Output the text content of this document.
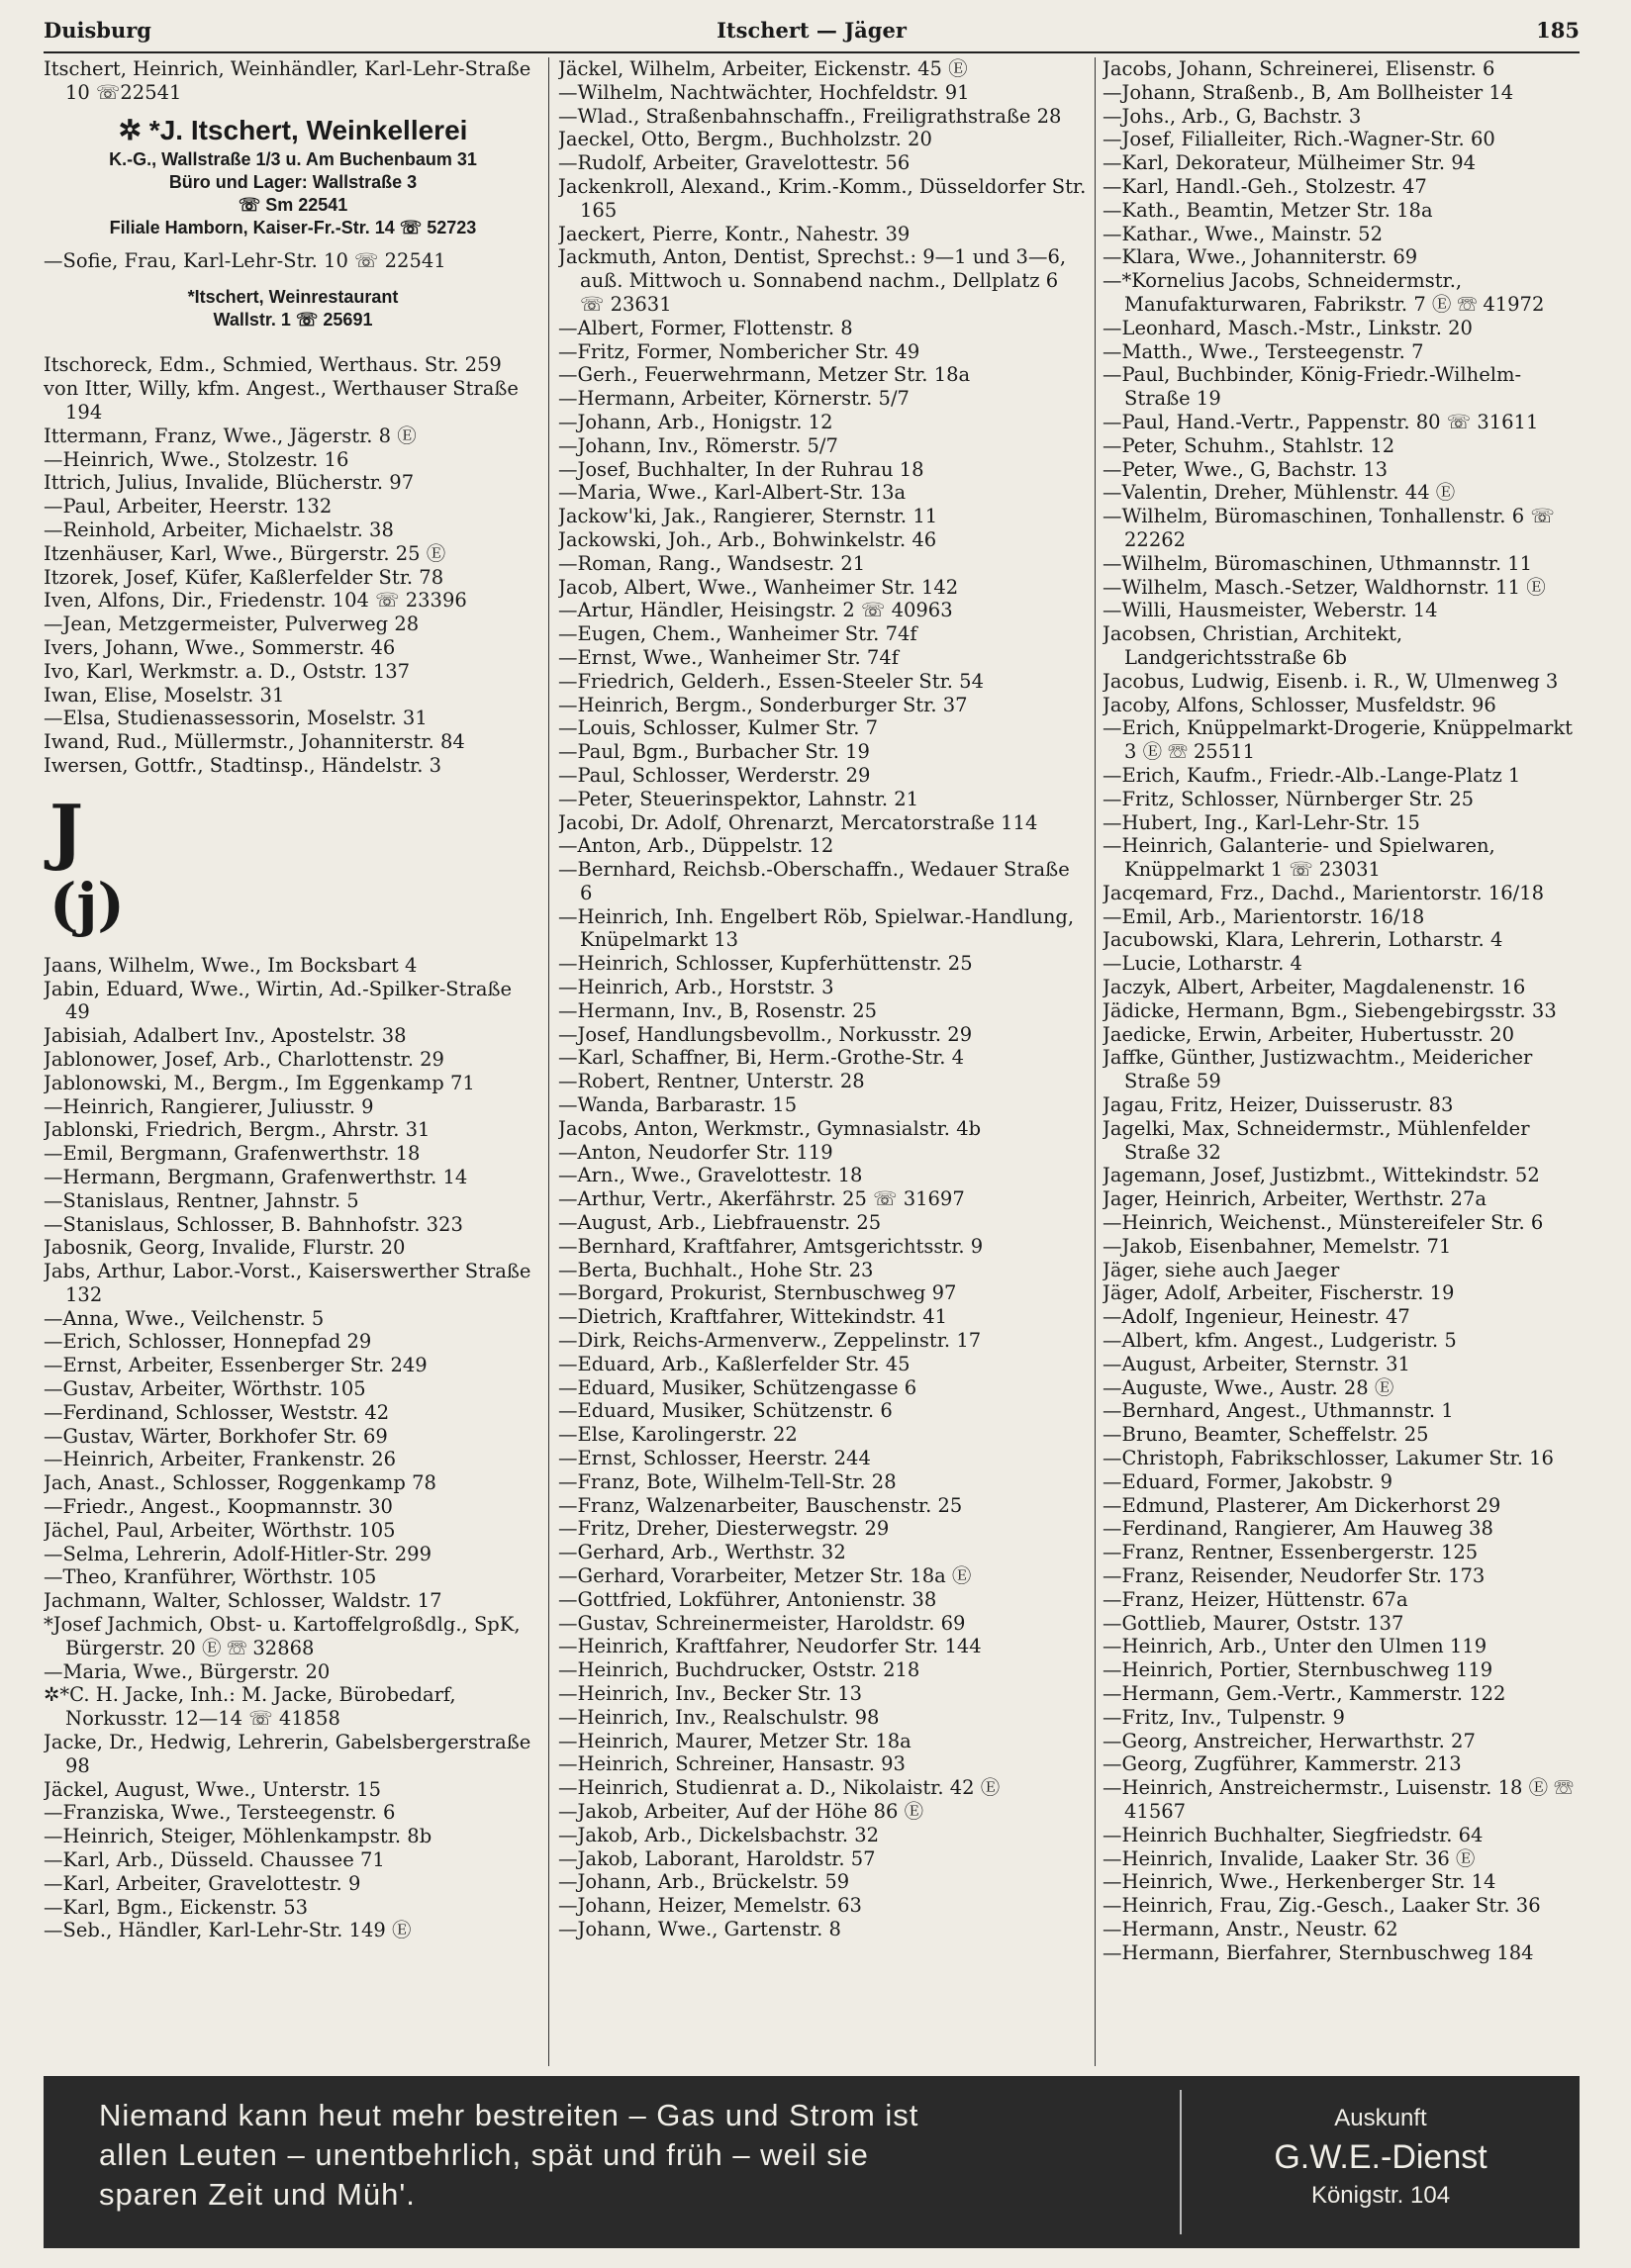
Duisburg	Itschert — Jäger	185
Itschert, Heinrich, Weinhändler, Karl-Lehr-Straße 10 ☏22541
✲ *J. Itschert, Weinkellerei
K.-G., Wallstraße 1/3 u. Am Buchenbaum 31
Büro und Lager: Wallstraße 3
☏ Sm 22541
Filiale Hamborn, Kaiser-Fr.-Str. 14 ☏ 52723
—Sofie, Frau, Karl-Lehr-Str. 10 ☏ 22541
*Itschert, Weinrestaurant
Wallstr. 1 ☏ 25691
Itschoreck, Edm., Schmied, Werthaus. Str. 259
von Itter, Willy, kfm. Angest., Werthauser Straße 194
Ittermann, Franz, Wwe., Jägerstr. 8 Ⓔ
—Heinrich, Wwe., Stolzestr. 16
Ittrich, Julius, Invalide, Blücherstr. 97
—Paul, Arbeiter, Heerstr. 132
—Reinhold, Arbeiter, Michaelstr. 38
Itzenhäuser, Karl, Wwe., Bürgerstr. 25 Ⓔ
Itzorek, Josef, Küfer, Kaßlerfelder Str. 78
Iven, Alfons, Dir., Friedenstr. 104 ☏ 23396
—Jean, Metzgermeister, Pulverweg 28
Ivers, Johann, Wwe., Sommerstr. 46
Ivo, Karl, Werkmstr. a. D., Oststr. 137
Iwan, Elise, Moselstr. 31
—Elsa, Studienassessorin, Moselstr. 31
Iwand, Rud., Müllermstr., Johanniterstr. 84
Iwersen, Gottfr., Stadtinsp., Händelstr. 3
J
(j)
Jaans, Wilhelm, Wwe., Im Bocksbart 4
Jabin, Eduard, Wwe., Wirtin, Ad.-Spilker-Straße 49
Jabisiah, Adalbert Inv., Apostelstr. 38
Jablonower, Josef, Arb., Charlottenstr. 29
Jablonowski, M., Bergm., Im Eggenkamp 71
—Heinrich, Rangierer, Juliusstr. 9
Jablonski, Friedrich, Bergm., Ahrstr. 31
—Emil, Bergmann, Grafenwerthstr. 18
—Hermann, Bergmann, Grafenwerthstr. 14
—Stanislaus, Rentner, Jahnstr. 5
—Stanislaus, Schlosser, B. Bahnhofstr. 323
Jabosnik, Georg, Invalide, Flurstr. 20
Jabs, Arthur, Labor.-Vorst., Kaiserswerther Straße 132
—Anna, Wwe., Veilchenstr. 5
—Erich, Schlosser, Honnepfad 29
—Ernst, Arbeiter, Essenberger Str. 249
—Gustav, Arbeiter, Wörthstr. 105
—Ferdinand, Schlosser, Weststr. 42
—Gustav, Wärter, Borkhofer Str. 69
—Heinrich, Arbeiter, Frankenstr. 26
Jach, Anast., Schlosser, Roggenkamp 78
—Friedr., Angest., Koopmannstr. 30
Jächel, Paul, Arbeiter, Wörthstr. 105
—Selma, Lehrerin, Adolf-Hitler-Str. 299
—Theo, Kranführer, Wörthstr. 105
Jachmann, Walter, Schlosser, Waldstr. 17
*Josef Jachmich, Obst- u. Kartoffelgroßdlg., SpK, Bürgerstr. 20 Ⓔ ☏ 32868
—Maria, Wwe., Bürgerstr. 20
✲*C. H. Jacke, Inh.: M. Jacke, Bürobedarf, Norkusstr. 12—14 ☏ 41858
Jacke, Dr., Hedwig, Lehrerin, Gabelsbergerstraße 98
Jäckel, August, Wwe., Unterstr. 15
—Franziska, Wwe., Tersteegenstr. 6
—Heinrich, Steiger, Möhlenkampstr. 8b
—Karl, Arb., Düsseld. Chaussee 71
—Karl, Arbeiter, Gravelottestr. 9
—Karl, Bgm., Eickenstr. 53
—Seb., Händler, Karl-Lehr-Str. 149 Ⓔ
Jäckel, Wilhelm, Arbeiter, Eickenstr. 45 Ⓔ
—Wilhelm, Nachtwächter, Hochfeldstr. 91
—Wlad., Straßenbahnschaffn., Freiligrathstraße 28
Jaeckel, Otto, Bergm., Buchholzstr. 20
—Rudolf, Arbeiter, Gravelottestr. 56
Jackenkroll, Alexand., Krim.-Komm., Düsseldorfer Str. 165
Jaeckert, Pierre, Kontr., Nahestr. 39
Jackmuth, Anton, Dentist, Sprechst.: 9—1 und 3—6, auß. Mittwoch u. Sonnabend nachm., Dellplatz 6 ☏ 23631
—Albert, Former, Flottenstr. 8
—Fritz, Former, Nombericher Str. 49
—Gerh., Feuerwehrmann, Metzer Str. 18a
—Hermann, Arbeiter, Körnerstr. 5/7
—Johann, Arb., Honigstr. 12
—Johann, Inv., Römerstr. 5/7
—Josef, Buchhalter, In der Ruhrau 18
—Maria, Wwe., Karl-Albert-Str. 13a
Jackow'ki, Jak., Rangierer, Sternstr. 11
Jackowski, Joh., Arb., Bohwinkelstr. 46
—Roman, Rang., Wandsestr. 21
Jacob, Albert, Wwe., Wanheimer Str. 142
—Artur, Händler, Heisingstr. 2 ☏ 40963
—Eugen, Chem., Wanheimer Str. 74f
—Ernst, Wwe., Wanheimer Str. 74f
—Friedrich, Gelderh., Essen-Steeler Str. 54
—Heinrich, Bergm., Sonderburger Str. 37
—Louis, Schlosser, Kulmer Str. 7
—Paul, Bgm., Burbacher Str. 19
—Paul, Schlosser, Werderstr. 29
—Peter, Steuerinspektor, Lahnstr. 21
Jacobi, Dr. Adolf, Ohrenarzt, Mercatorstraße 114
—Anton, Arb., Düppelstr. 12
—Bernhard, Reichsb.-Oberschaffn., Wedauer Straße 6
—Heinrich, Inh. Engelbert Röb, Spielwar.-Handlung, Knüpelmarkt 13
—Heinrich, Schlosser, Kupferhüttenstr. 25
—Heinrich, Arb., Horststr. 3
—Hermann, Inv., B, Rosenstr. 25
—Josef, Handlungsbevollm., Norkusstr. 29
—Karl, Schaffner, Bi, Herm.-Grothe-Str. 4
—Robert, Rentner, Unterstr. 28
—Wanda, Barbarastr. 15
Jacobs, Anton, Werkmstr., Gymnasialstr. 4b
—Anton, Neudorfer Str. 119
—Arn., Wwe., Gravelottestr. 18
—Arthur, Vertr., Akerfährstr. 25 ☏ 31697
—August, Arb., Liebfrauenstr. 25
—Bernhard, Kraftfahrer, Amtsgerichtsstr. 9
—Berta, Buchhalt., Hohe Str. 23
—Borgard, Prokurist, Sternbuschweg 97
—Dietrich, Kraftfahrer, Wittekindstr. 41
—Dirk, Reichs-Armenverw., Zeppelinstr. 17
—Eduard, Arb., Kaßlerfelder Str. 45
—Eduard, Musiker, Schützengasse 6
—Eduard, Musiker, Schützenstr. 6
—Else, Karolingerstr. 22
—Ernst, Schlosser, Heerstr. 244
—Franz, Bote, Wilhelm-Tell-Str. 28
—Franz, Walzenarbeiter, Bauschenstr. 25
—Fritz, Dreher, Diesterwegstr. 29
—Gerhard, Arb., Werthstr. 32
—Gerhard, Vorarbeiter, Metzer Str. 18a Ⓔ
—Gottfried, Lokführer, Antonienstr. 38
—Gustav, Schreinermeister, Haroldstr. 69
—Heinrich, Kraftfahrer, Neudorfer Str. 144
—Heinrich, Buchdrucker, Oststr. 218
—Heinrich, Inv., Becker Str. 13
—Heinrich, Inv., Realschulstr. 98
—Heinrich, Maurer, Metzer Str. 18a
—Heinrich, Schreiner, Hansastr. 93
—Heinrich, Studienrat a. D., Nikolaistr. 42 Ⓔ
—Jakob, Arbeiter, Auf der Höhe 86 Ⓔ
—Jakob, Arb., Dickelsbachstr. 32
—Jakob, Laborant, Haroldstr. 57
—Johann, Arb., Brückelstr. 59
—Johann, Heizer, Memelstr. 63
—Johann, Wwe., Gartenstr. 8
Jacobs, Johann, Schreinerei, Elisenstr. 6
—Johann, Straßenb., B, Am Bollheister 14
—Johs., Arb., G, Bachstr. 3
—Josef, Filialleiter, Rich.-Wagner-Str. 60
—Karl, Dekorateur, Mülheimer Str. 94
—Karl, Handl.-Geh., Stolzestr. 47
—Kath., Beamtin, Metzer Str. 18a
—Kathar., Wwe., Mainstr. 52
—Klara, Wwe., Johanniterstr. 69
—*Kornelius Jacobs, Schneidermstr., Manufakturwaren, Fabrikstr. 7 Ⓔ ☏ 41972
—Leonhard, Masch.-Mstr., Linkstr. 20
—Matth., Wwe., Tersteegenstr. 7
—Paul, Buchbinder, König-Friedr.-Wilhelm-Straße 19
—Paul, Hand.-Vertr., Pappenstr. 80 ☏ 31611
—Peter, Schuhm., Stahlstr. 12
—Peter, Wwe., G, Bachstr. 13
—Valentin, Dreher, Mühlenstr. 44 Ⓔ
—Wilhelm, Büromaschinen, Tonhallenstr. 6 ☏ 22262
—Wilhelm, Büromaschinen, Uthmannstr. 11
—Wilhelm, Masch.-Setzer, Waldhornstr. 11 Ⓔ
—Willi, Hausmeister, Weberstr. 14
Jacobsen, Christian, Architekt, Landgerichtsstraße 6b
Jacobus, Ludwig, Eisenb. i. R., W, Ulmenweg 3
Jacoby, Alfons, Schlosser, Musfeldstr. 96
—Erich, Knüppelmarkt-Drogerie, Knüppelmarkt 3 Ⓔ ☏ 25511
—Erich, Kaufm., Friedr.-Alb.-Lange-Platz 1
—Fritz, Schlosser, Nürnberger Str. 25
—Hubert, Ing., Karl-Lehr-Str. 15
—Heinrich, Galanterie- und Spielwaren, Knüppelmarkt 1 ☏ 23031
Jacqemard, Frz., Dachd., Marientorstr. 16/18
—Emil, Arb., Marientorstr. 16/18
Jacubowski, Klara, Lehrerin, Lotharstr. 4
—Lucie, Lotharstr. 4
Jaczyk, Albert, Arbeiter, Magdalenenstr. 16
Jädicke, Hermann, Bgm., Siebengebirgsstr. 33
Jaedicke, Erwin, Arbeiter, Hubertusstr. 20
Jaffke, Günther, Justizwachtm., Meidericher Straße 59
Jagau, Fritz, Heizer, Duisserustr. 83
Jagelki, Max, Schneidermstr., Mühlenfelder Straße 32
Jagemann, Josef, Justizbmt., Wittekindstr. 52
Jager, Heinrich, Arbeiter, Werthstr. 27a
—Heinrich, Weichenst., Münstereifeler Str. 6
—Jakob, Eisenbahner, Memelstr. 71
Jäger, siehe auch Jaeger
Jäger, Adolf, Arbeiter, Fischerstr. 19
—Adolf, Ingenieur, Heinestr. 47
—Albert, kfm. Angest., Ludgeristr. 5
—August, Arbeiter, Sternstr. 31
—Auguste, Wwe., Austr. 28 Ⓔ
—Bernhard, Angest., Uthmannstr. 1
—Bruno, Beamter, Scheffelstr. 25
—Christoph, Fabrikschlosser, Lakumer Str. 16
—Eduard, Former, Jakobstr. 9
—Edmund, Plasterer, Am Dickerhorst 29
—Ferdinand, Rangierer, Am Hauweg 38
—Franz, Rentner, Essenbergerstr. 125
—Franz, Reisender, Neudorfer Str. 173
—Franz, Heizer, Hüttenstr. 67a
—Gottlieb, Maurer, Oststr. 137
—Heinrich, Arb., Unter den Ulmen 119
—Heinrich, Portier, Sternbuschweg 119
—Hermann, Gem.-Vertr., Kammerstr. 122
—Fritz, Inv., Tulpenstr. 9
—Georg, Anstreicher, Herwarthstr. 27
—Georg, Zugführer, Kammerstr. 213
—Heinrich, Anstreichermstr., Luisenstr. 18 Ⓔ ☏ 41567
—Heinrich Buchhalter, Siegfriedstr. 64
—Heinrich, Invalide, Laaker Str. 36 Ⓔ
—Heinrich, Wwe., Herkenberger Str. 14
—Heinrich, Frau, Zig.-Gesch., Laaker Str. 36
—Hermann, Anstr., Neustr. 62
—Hermann, Bierfahrer, Sternbuschweg 184
Niemand kann heut mehr bestreiten – Gas und Strom ist
allen Leuten – unentbehrlich, spät und früh – weil sie
sparen Zeit und Müh'.
Auskunft
G.W.E.-Dienst
Königstr. 104
